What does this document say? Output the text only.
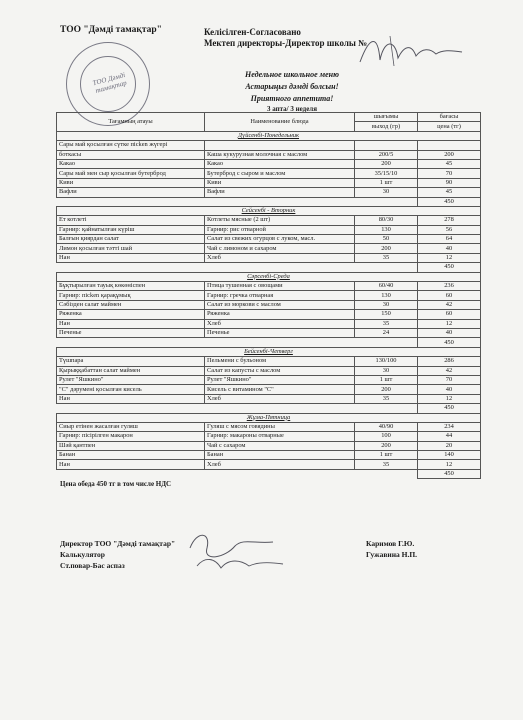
ТОО "Дәмді тамақтар"	Келісілген-Согласовано
Мектеп директоры-Директор школы №
ТОО Дәмді тамақтар
Недельное школьное меню
Астарыңыз дәмді болсын!
Приятного аппетита!
3 апта/ 3 неделя
Тағамның атауы	Наименование блюда	шығымы	бағасы
		выход (гр)	цена (тг)
Дүйсенбі-Понедельник			
Сары май қосылған сүтке пісken жүгері			
боткасы	Каша кукурузная молочная с маслом	200/5	200
Какао	Какао	200	45
Сары май мен сыр қосылған бутерброд	Бутерброд с сыром и маслом	35/15/10	70
Киви	Киви	1 шт	90
Вафли	Вафли	30	45
			450
Сейсенбі - Вторник			
Ет котлеті	Котлеты мясные (2 шт)	80/30	278
Гарнир: қайнатылған күріш	Гарнир: рис отварной	130	56
Балғын қиярдан салат	Салат из свежих огурцов с луком, масл.	50	64
Лимон қосылған тәтті шай	Чай с лимоном и сахаром	200	40
Нан	Хлеб	35	12
			450
Сәрсенбі-Среда			
Бұқтырылған тауық көкөніспен	Птица тушенная с овощами	60/40	236
Гарнир: пісken қарақұмық	Гарнир: гречка отварная	130	60
Сәбізден салат маймен	Салат из моркови с маслом	30	42
Ряженка	Ряженка	150	60
Нан	Хлеб	35	12
Печенье	Печенье	24	40
			450
Бейсенбі-Четверг			
Түшпара	Пельмени с бульоном	130/100	286
Қырыққабаттан салат маймен	Салат из капусты с маслом	30	42
Рулет "Яшкино"	Рулет "Яшкино"	1 шт	70
"С" дәрумені қосылған кисель	Кисель с витамином "С"	200	40
Нан	Хлеб	35	12
			450
Жұма-Пятница			
Сиыр етінен жасалған гуляш	Гуляш с мясом говядины	40/90	234
Гарнир: пісірілген макарон	Гарнир: макароны отварные	100	44
Шәй қантпен	Чай с сахаром	200	20
Банан	Банан	1 шт	140
Нан	Хлеб	35	12
			450
Цена обеда 450 тг в том числе НДС
Директор ТОО "Дәмді тамақтар"	Каримов Г.Ю.
Калькулятор	Гужавина Н.П.
Ст.повар-Бас аспаз
